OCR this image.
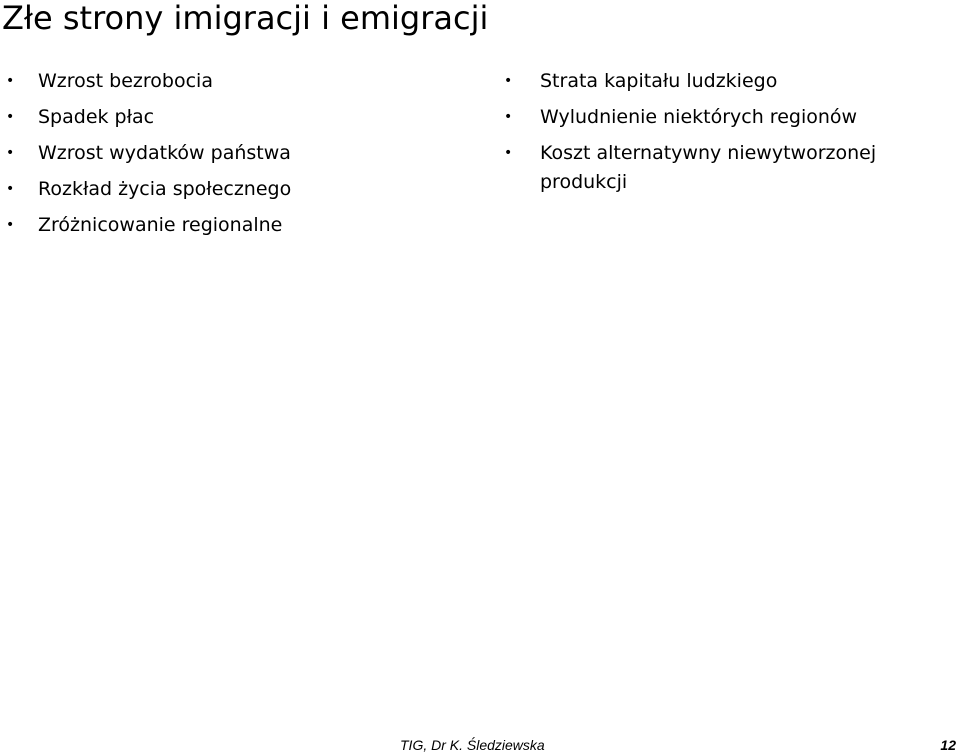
Złe strony imigracji i emigracji
• Wzrost bezrobocia
• Spadek płac
• Wzrost wydatków państwa
• Rozkład życia społecznego
• Zróżnicowanie regionalne
•	Strata kapitału ludzkiego
•	Wyludnienie niektórych regionów
•	Koszt alternatywny niewytworzonej produkcji
TIG, Dr K. Śledziewska	12
